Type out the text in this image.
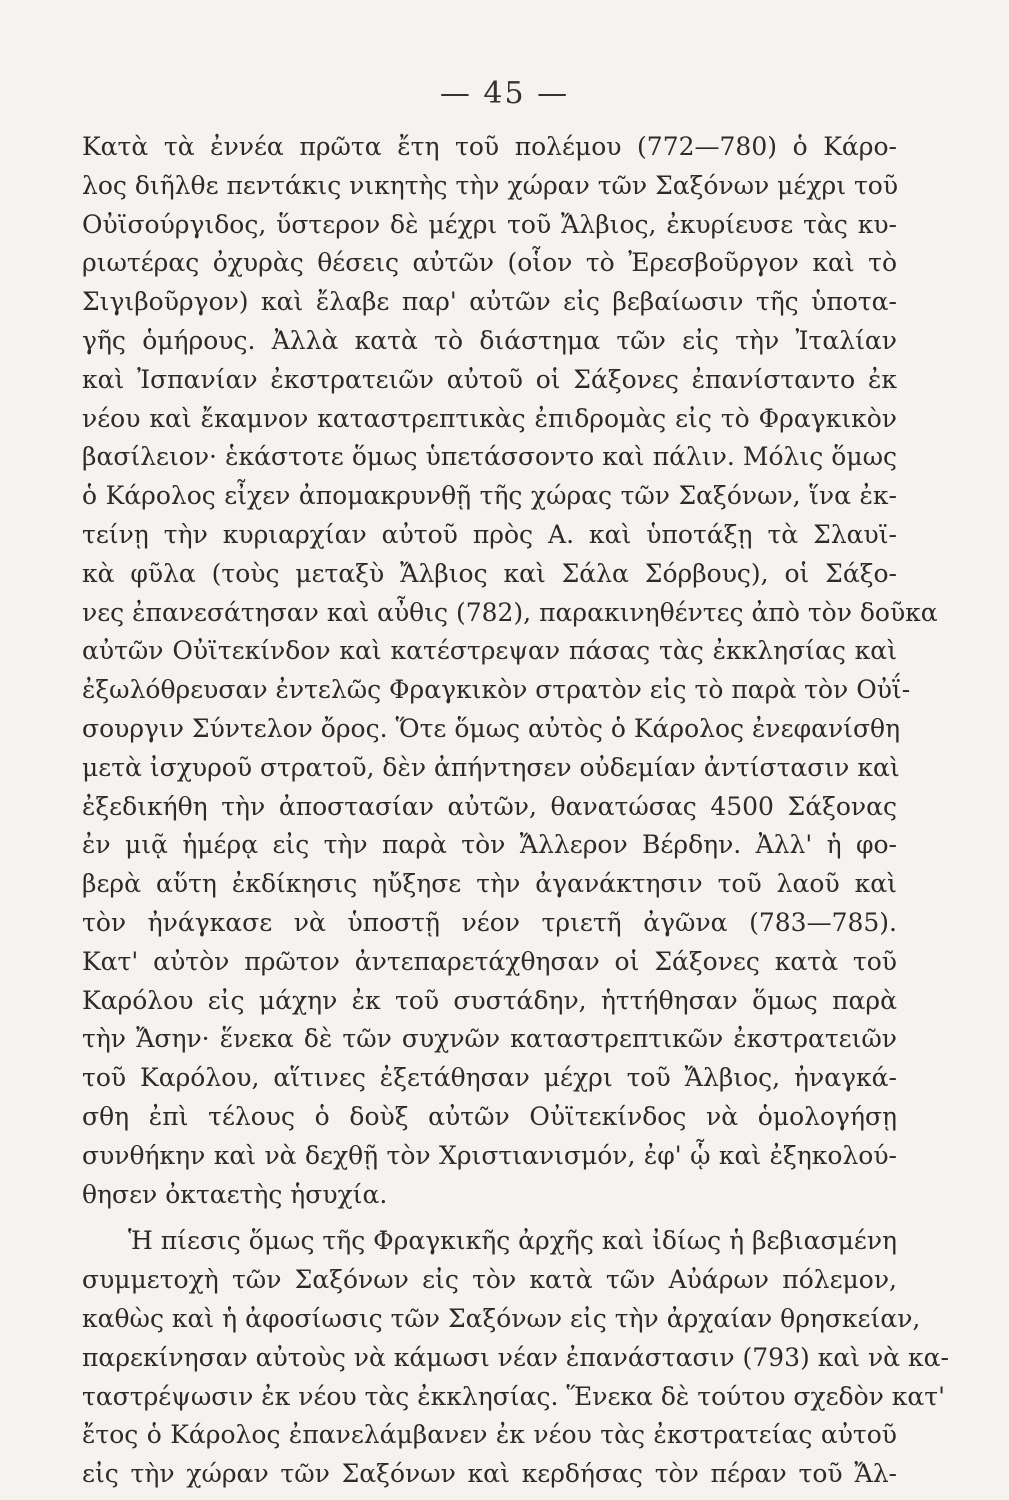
— 45 —
Κατὰ τὰ ἐννέα πρῶτα ἔτη τοῦ πολέμου (772—780) ὁ Κάρο-
λος διῆλθε πεντάκις νικητὴς τὴν χώραν τῶν Σαξόνων μέχρι τοῦ
Οὐϊσούργιδος, ὕστερον δὲ μέχρι τοῦ Ἄλβιος, ἐκυρίευσε τὰς κυ-
ριωτέρας ὀχυρὰς θέσεις αὐτῶν (οἷον τὸ Ἐρεσβοῦργον καὶ τὸ
Σιγιβοῦργον) καὶ ἔλαβε παρ' αὐτῶν εἰς βεβαίωσιν τῆς ὑποτα-
γῆς ὁμήρους. Ἀλλὰ κατὰ τὸ διάστημα τῶν εἰς τὴν Ἰταλίαν
καὶ Ἰσπανίαν ἐκστρατειῶν αὐτοῦ οἱ Σάξονες ἐπανίσταντο ἐκ
νέου καὶ ἔκαμνον καταστρεπτικὰς ἐπιδρομὰς εἰς τὸ Φραγκικὸν
βασίλειον· ἑκάστοτε ὅμως ὑπετάσσοντο καὶ πάλιν. Μόλις ὅμως
ὁ Κάρολος εἶχεν ἀπομακρυνθῇ τῆς χώρας τῶν Σαξόνων, ἵνα ἐκ-
τείνῃ τὴν κυριαρχίαν αὐτοῦ πρὸς Α. καὶ ὑποτάξῃ τὰ Σλαυϊ-
κὰ φῦλα (τοὺς μεταξὺ Ἄλβιος καὶ Σάλα Σόρβους), οἱ Σάξο-
νες ἐπανεσάτησαν καὶ αὖθις (782), παρακινηθέντες ἀπὸ τὸν δοῦκα
αὐτῶν Οὐϊτεκίνδον καὶ κατέστρεψαν πάσας τὰς ἐκκλησίας καὶ
ἐξωλόθρευσαν ἐντελῶς Φραγκικὸν στρατὸν εἰς τὸ παρὰ τὸν Οὐΐ-
σουργιν Σύντελον ὄρος. Ὅτε ὅμως αὐτὸς ὁ Κάρολος ἐνεφανίσθη
μετὰ ἰσχυροῦ στρατοῦ, δὲν ἀπήντησεν οὐδεμίαν ἀντίστασιν καὶ
ἐξεδικήθη τὴν ἀποστασίαν αὐτῶν, θανατώσας 4500 Σάξονας
ἐν μιᾷ ἡμέρᾳ εἰς τὴν παρὰ τὸν Ἄλλερον Βέρδην. Ἀλλ' ἡ φο-
βερὰ αὕτη ἐκδίκησις ηὔξησε τὴν ἀγανάκτησιν τοῦ λαοῦ καὶ
τὸν ἠνάγκασε νὰ ὑποστῇ νέον τριετῆ ἀγῶνα (783—785).
Κατ' αὐτὸν πρῶτον ἀντεπαρετάχθησαν οἱ Σάξονες κατὰ τοῦ
Καρόλου εἰς μάχην ἐκ τοῦ συστάδην, ἡττήθησαν ὅμως παρὰ
τὴν Ἄσην· ἕνεκα δὲ τῶν συχνῶν καταστρεπτικῶν ἐκστρατειῶν
τοῦ Καρόλου, αἵτινες ἐξετάθησαν μέχρι τοῦ Ἄλβιος, ἠναγκά-
σθη ἐπὶ τέλους ὁ δοὺξ αὐτῶν Οὐϊτεκίνδος νὰ ὁμολογήσῃ
συνθήκην καὶ νὰ δεχθῇ τὸν Χριστιανισμόν, ἐφ' ᾧ καὶ ἐξηκολού-
θησεν ὀκταετὴς ἡσυχία.
Ἡ πίεσις ὅμως τῆς Φραγκικῆς ἀρχῆς καὶ ἰδίως ἡ βεβιασμένη
συμμετοχὴ τῶν Σαξόνων εἰς τὸν κατὰ τῶν Αὐάρων πόλεμον,
καθὼς καὶ ἡ ἀφοσίωσις τῶν Σαξόνων εἰς τὴν ἀρχαίαν θρησκείαν,
παρεκίνησαν αὐτοὺς νὰ κάμωσι νέαν ἐπανάστασιν (793) καὶ νὰ κα-
ταστρέψωσιν ἐκ νέου τὰς ἐκκλησίας. Ἕνεκα δὲ τούτου σχεδὸν κατ'
ἔτος ὁ Κάρολος ἐπανελάμβανεν ἐκ νέου τὰς ἐκστρατείας αὐτοῦ
εἰς τὴν χώραν τῶν Σαξόνων καὶ κερδήσας τὸν πέραν τοῦ Ἄλ-
